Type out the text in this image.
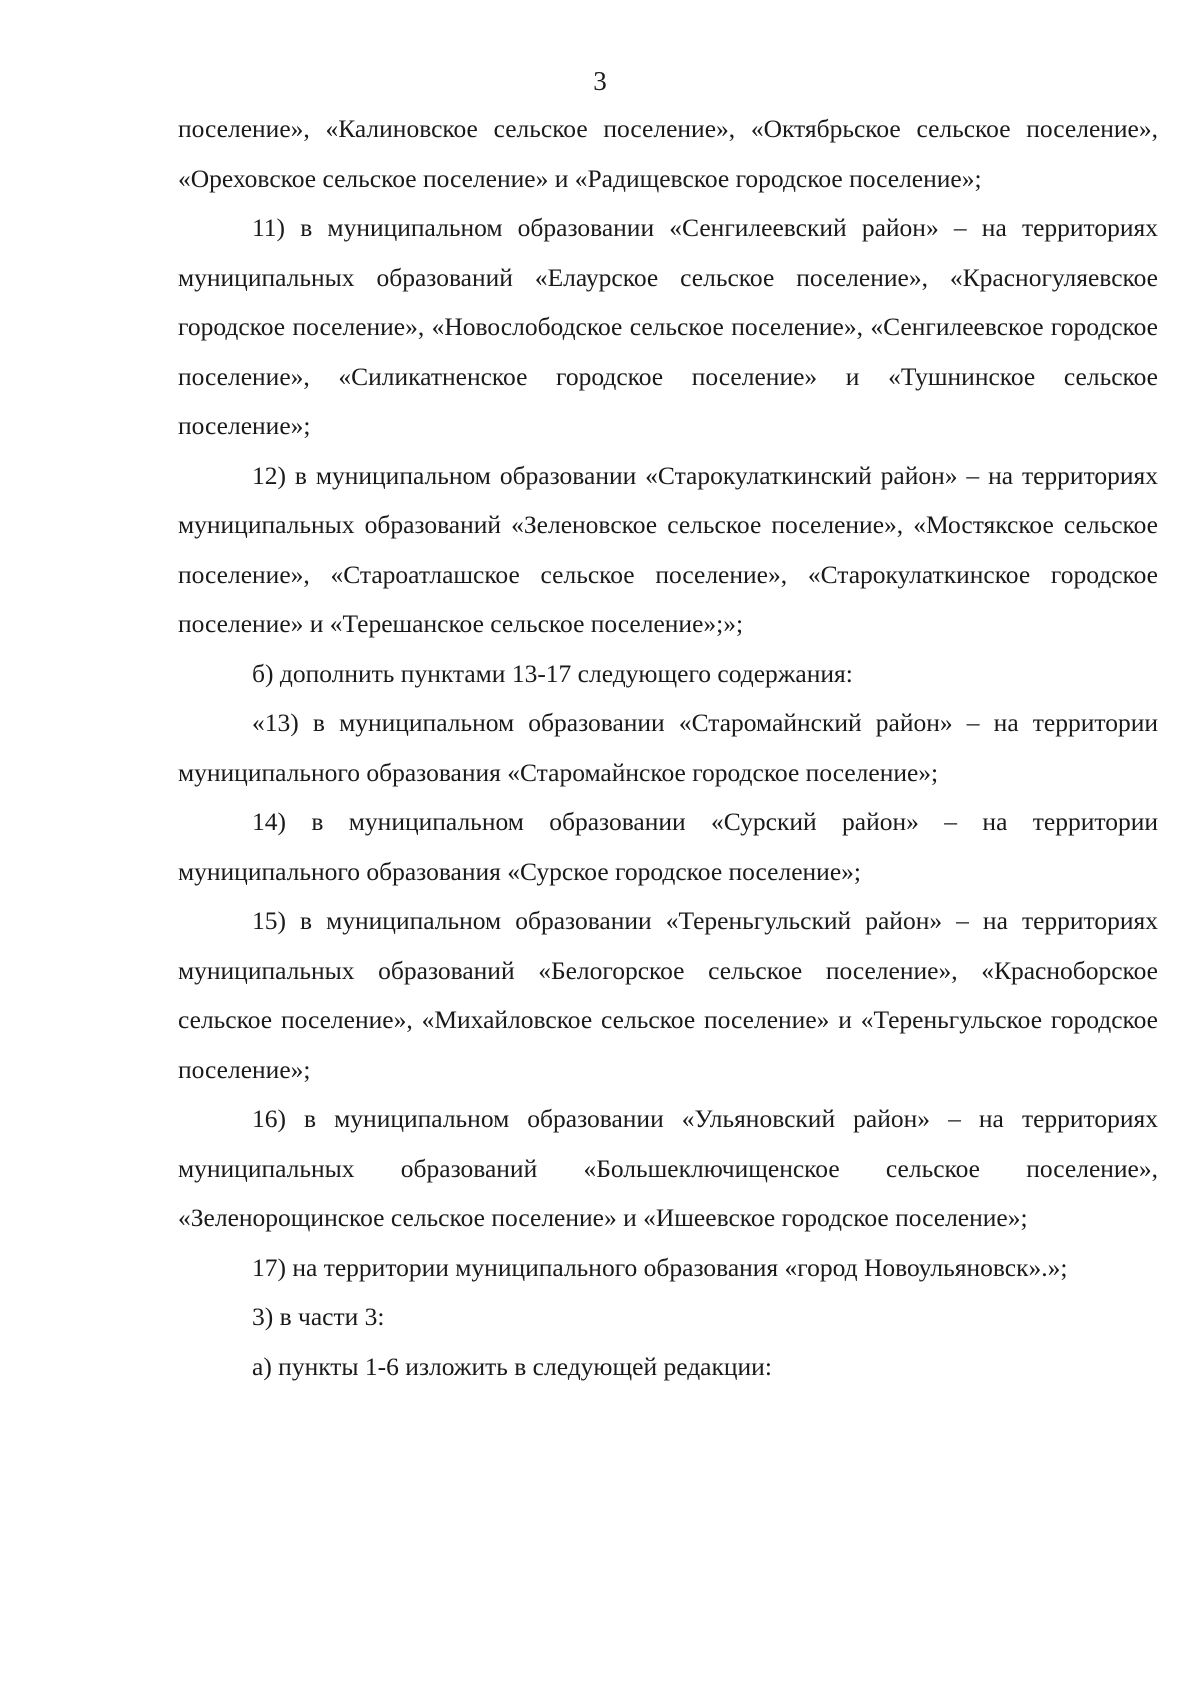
3

поселение», «Калиновское сельское поселение», «Октябрьское сельское поселение», «Ореховское сельское поселение» и «Радищевское городское поселение»;

11) в муниципальном образовании «Сенгилеевский район» – на территориях муниципальных образований «Елаурское сельское поселение», «Красногуляевское городское поселение», «Новослободское сельское поселение», «Сенгилеевское городское поселение», «Силикатненское городское поселение» и «Тушнинское сельское поселение»;

12) в муниципальном образовании «Старокулаткинский район» – на территориях муниципальных образований «Зеленовское сельское поселение», «Мостякское сельское поселение», «Староатлашское сельское поселение», «Старокулаткинское городское поселение» и «Терешанское сельское поселение»;»;

б) дополнить пунктами 13-17 следующего содержания:

«13) в муниципальном образовании «Старомайнский район» – на территории муниципального образования «Старомайнское городское поселение»;

14) в муниципальном образовании «Сурский район» – на территории муниципального образования «Сурское городское поселение»;

15) в муниципальном образовании «Тереньгульский район» – на территориях муниципальных образований «Белогорское сельское поселение», «Красноборское сельское поселение», «Михайловское сельское поселение» и «Тереньгульское городское поселение»;

16) в муниципальном образовании «Ульяновский район» – на территориях муниципальных образований «Большеключищенское сельское поселение», «Зеленорощинское сельское поселение» и «Ишеевское городское поселение»;

17) на территории муниципального образования «город Новоульяновск».»;

3) в части 3:

а) пункты 1-6 изложить в следующей редакции:
